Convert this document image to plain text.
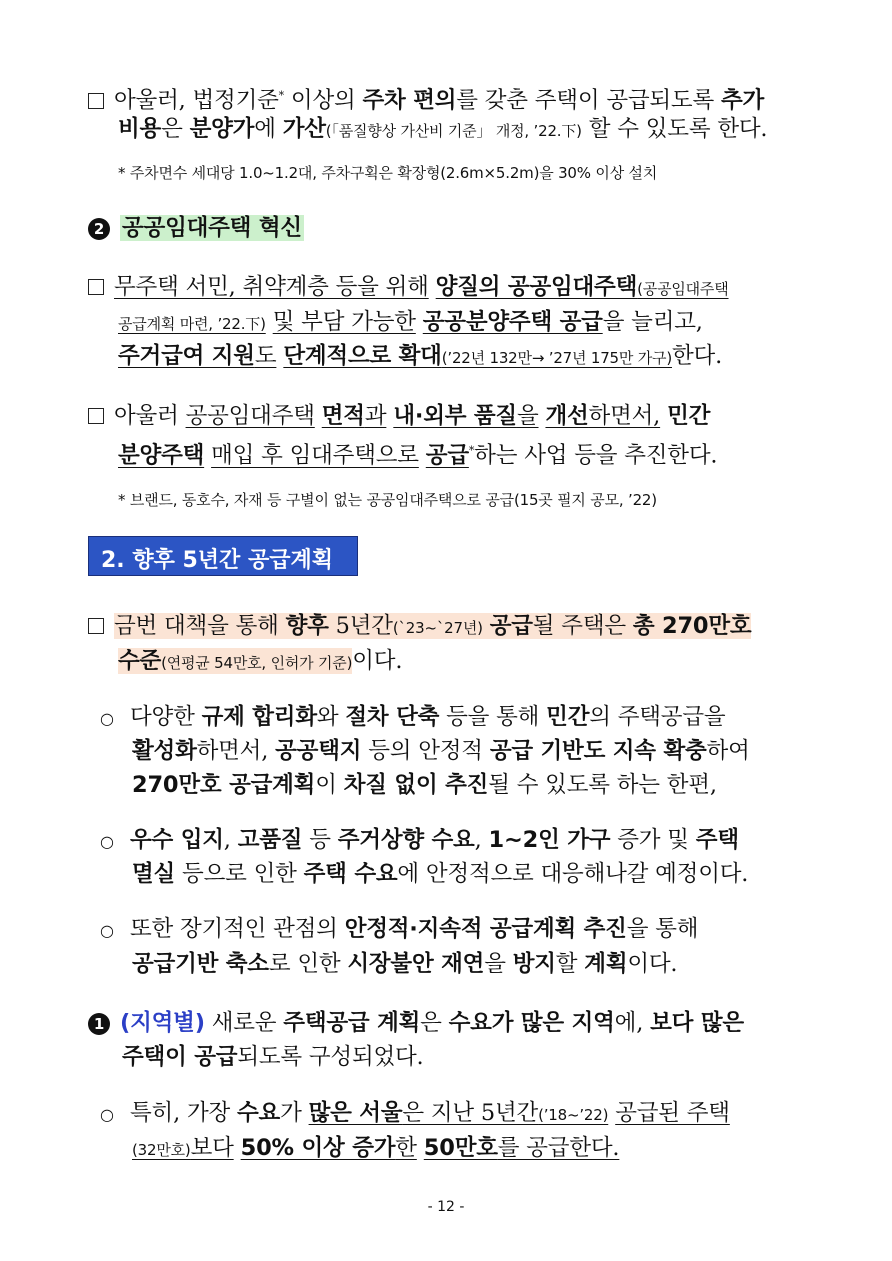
아울러, 법정기준* 이상의 주차 편의를 갖춘 주택이 공급되도록 추가
비용은 분양가에 가산(「품질향상 가산비 기준」 개정, ’22.下) 할 수 있도록 한다.
* 주차면수 세대당 1.0~1.2대, 주차구획은 확장형(2.6m×5.2m)을 30% 이상 설치
2 공공임대주택 혁신
무주택 서민, 취약계층 등을 위해 양질의 공공임대주택(공공임대주택
공급계획 마련, ’22.下) 및 부담 가능한 공공분양주택 공급을 늘리고,
주거급여 지원도 단계적으로 확대(’22년 132만→ ’27년 175만 가구)한다.
아울러 공공임대주택 면적과 내·외부 품질을 개선하면서, 민간
분양주택 매입 후 임대주택으로 공급*하는 사업 등을 추진한다.
* 브랜드, 동호수, 자재 등 구별이 없는 공공임대주택으로 공급(15곳 필지 공모, ’22)
2. 향후 5년간 공급계획
금번 대책을 통해 향후 5년간(`23~`27년) 공급될 주택은 총 270만호
수준(연평균 54만호, 인허가 기준)이다.
○ 다양한 규제 합리화와 절차 단축 등을 통해 민간의 주택공급을
활성화하면서, 공공택지 등의 안정적 공급 기반도 지속 확충하여
270만호 공급계획이 차질 없이 추진될 수 있도록 하는 한편,
○ 우수 입지, 고품질 등 주거상향 수요, 1~2인 가구 증가 및 주택
멸실 등으로 인한 주택 수요에 안정적으로 대응해나갈 예정이다.
○ 또한 장기적인 관점의 안정적·지속적 공급계획 추진을 통해
공급기반 축소로 인한 시장불안 재연을 방지할 계획이다.
1 (지역별) 새로운 주택공급 계획은 수요가 많은 지역에, 보다 많은
주택이 공급되도록 구성되었다.
○ 특히, 가장 수요가 많은 서울은 지난 5년간(’18~’22) 공급된 주택
(32만호)보다 50% 이상 증가한 50만호를 공급한다.
- 12 -
